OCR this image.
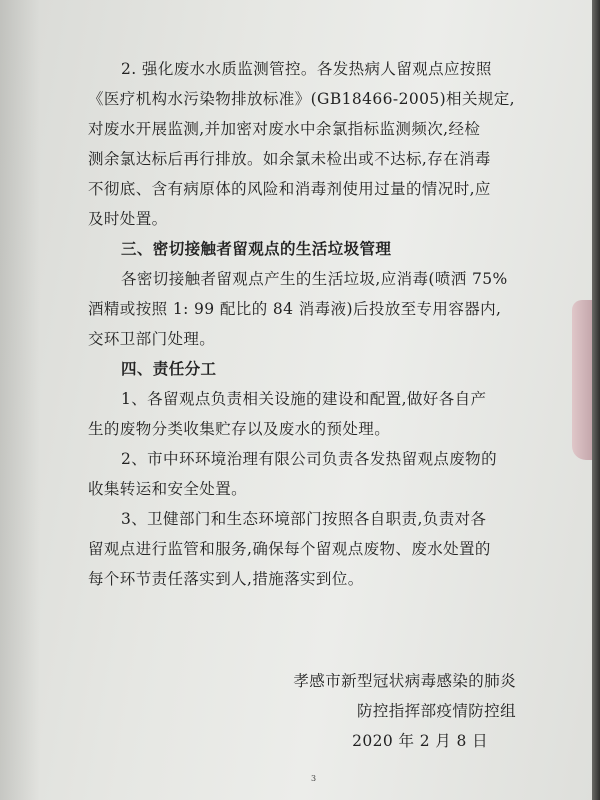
2. 强化废水水质监测管控。各发热病人留观点应按照
《医疗机构水污染物排放标准》(GB18466-2005)相关规定,
对废水开展监测,并加密对废水中余氯指标监测频次,经检
测余氯达标后再行排放。如余氯未检出或不达标,存在消毒
不彻底、含有病原体的风险和消毒剂使用过量的情况时,应
及时处置。
三、密切接触者留观点的生活垃圾管理
各密切接触者留观点产生的生活垃圾,应消毒(喷洒 75%
酒精或按照 1: 99 配比的 84 消毒液)后投放至专用容器内,
交环卫部门处理。
四、责任分工
1、各留观点负责相关设施的建设和配置,做好各自产
生的废物分类收集贮存以及废水的预处理。
2、市中环环境治理有限公司负责各发热留观点废物的
收集转运和安全处置。
3、卫健部门和生态环境部门按照各自职责,负责对各
留观点进行监管和服务,确保每个留观点废物、废水处置的
每个环节责任落实到人,措施落实到位。
孝感市新型冠状病毒感染的肺炎
防控指挥部疫情防控组
2020 年 2 月 8 日
3
